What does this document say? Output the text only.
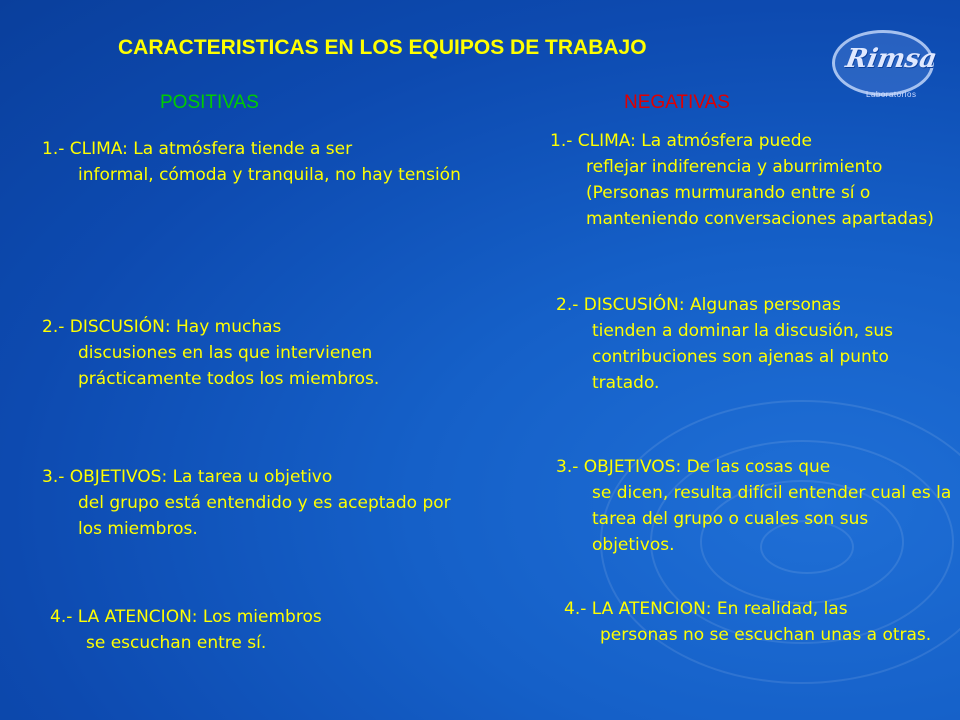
CARACTERISTICAS EN LOS EQUIPOS DE TRABAJO	Rimsa
Laboratorios
POSITIVAS	NEGATIVAS
1.- CLIMA: La atmósfera tiende a ser
informal, cómoda y tranquila, no hay tensión
2.- DISCUSIÓN: Hay muchas
discusiones en las que intervienen prácticamente todos los miembros.
3.- OBJETIVOS: La tarea u objetivo
del grupo está entendido y es aceptado por los miembros.
4.- LA ATENCION: Los miembros
se escuchan entre sí.
1.- CLIMA: La atmósfera puede
reflejar indiferencia y aburrimiento (Personas murmurando entre sí o manteniendo conversaciones apartadas)
2.- DISCUSIÓN: Algunas personas
tienden a dominar la discusión, sus contribuciones son ajenas al punto tratado.
3.- OBJETIVOS: De las cosas que
se dicen, resulta difícil entender cual es la tarea del grupo o cuales son sus objetivos.
4.- LA ATENCION: En realidad, las
personas no se escuchan unas a otras.
